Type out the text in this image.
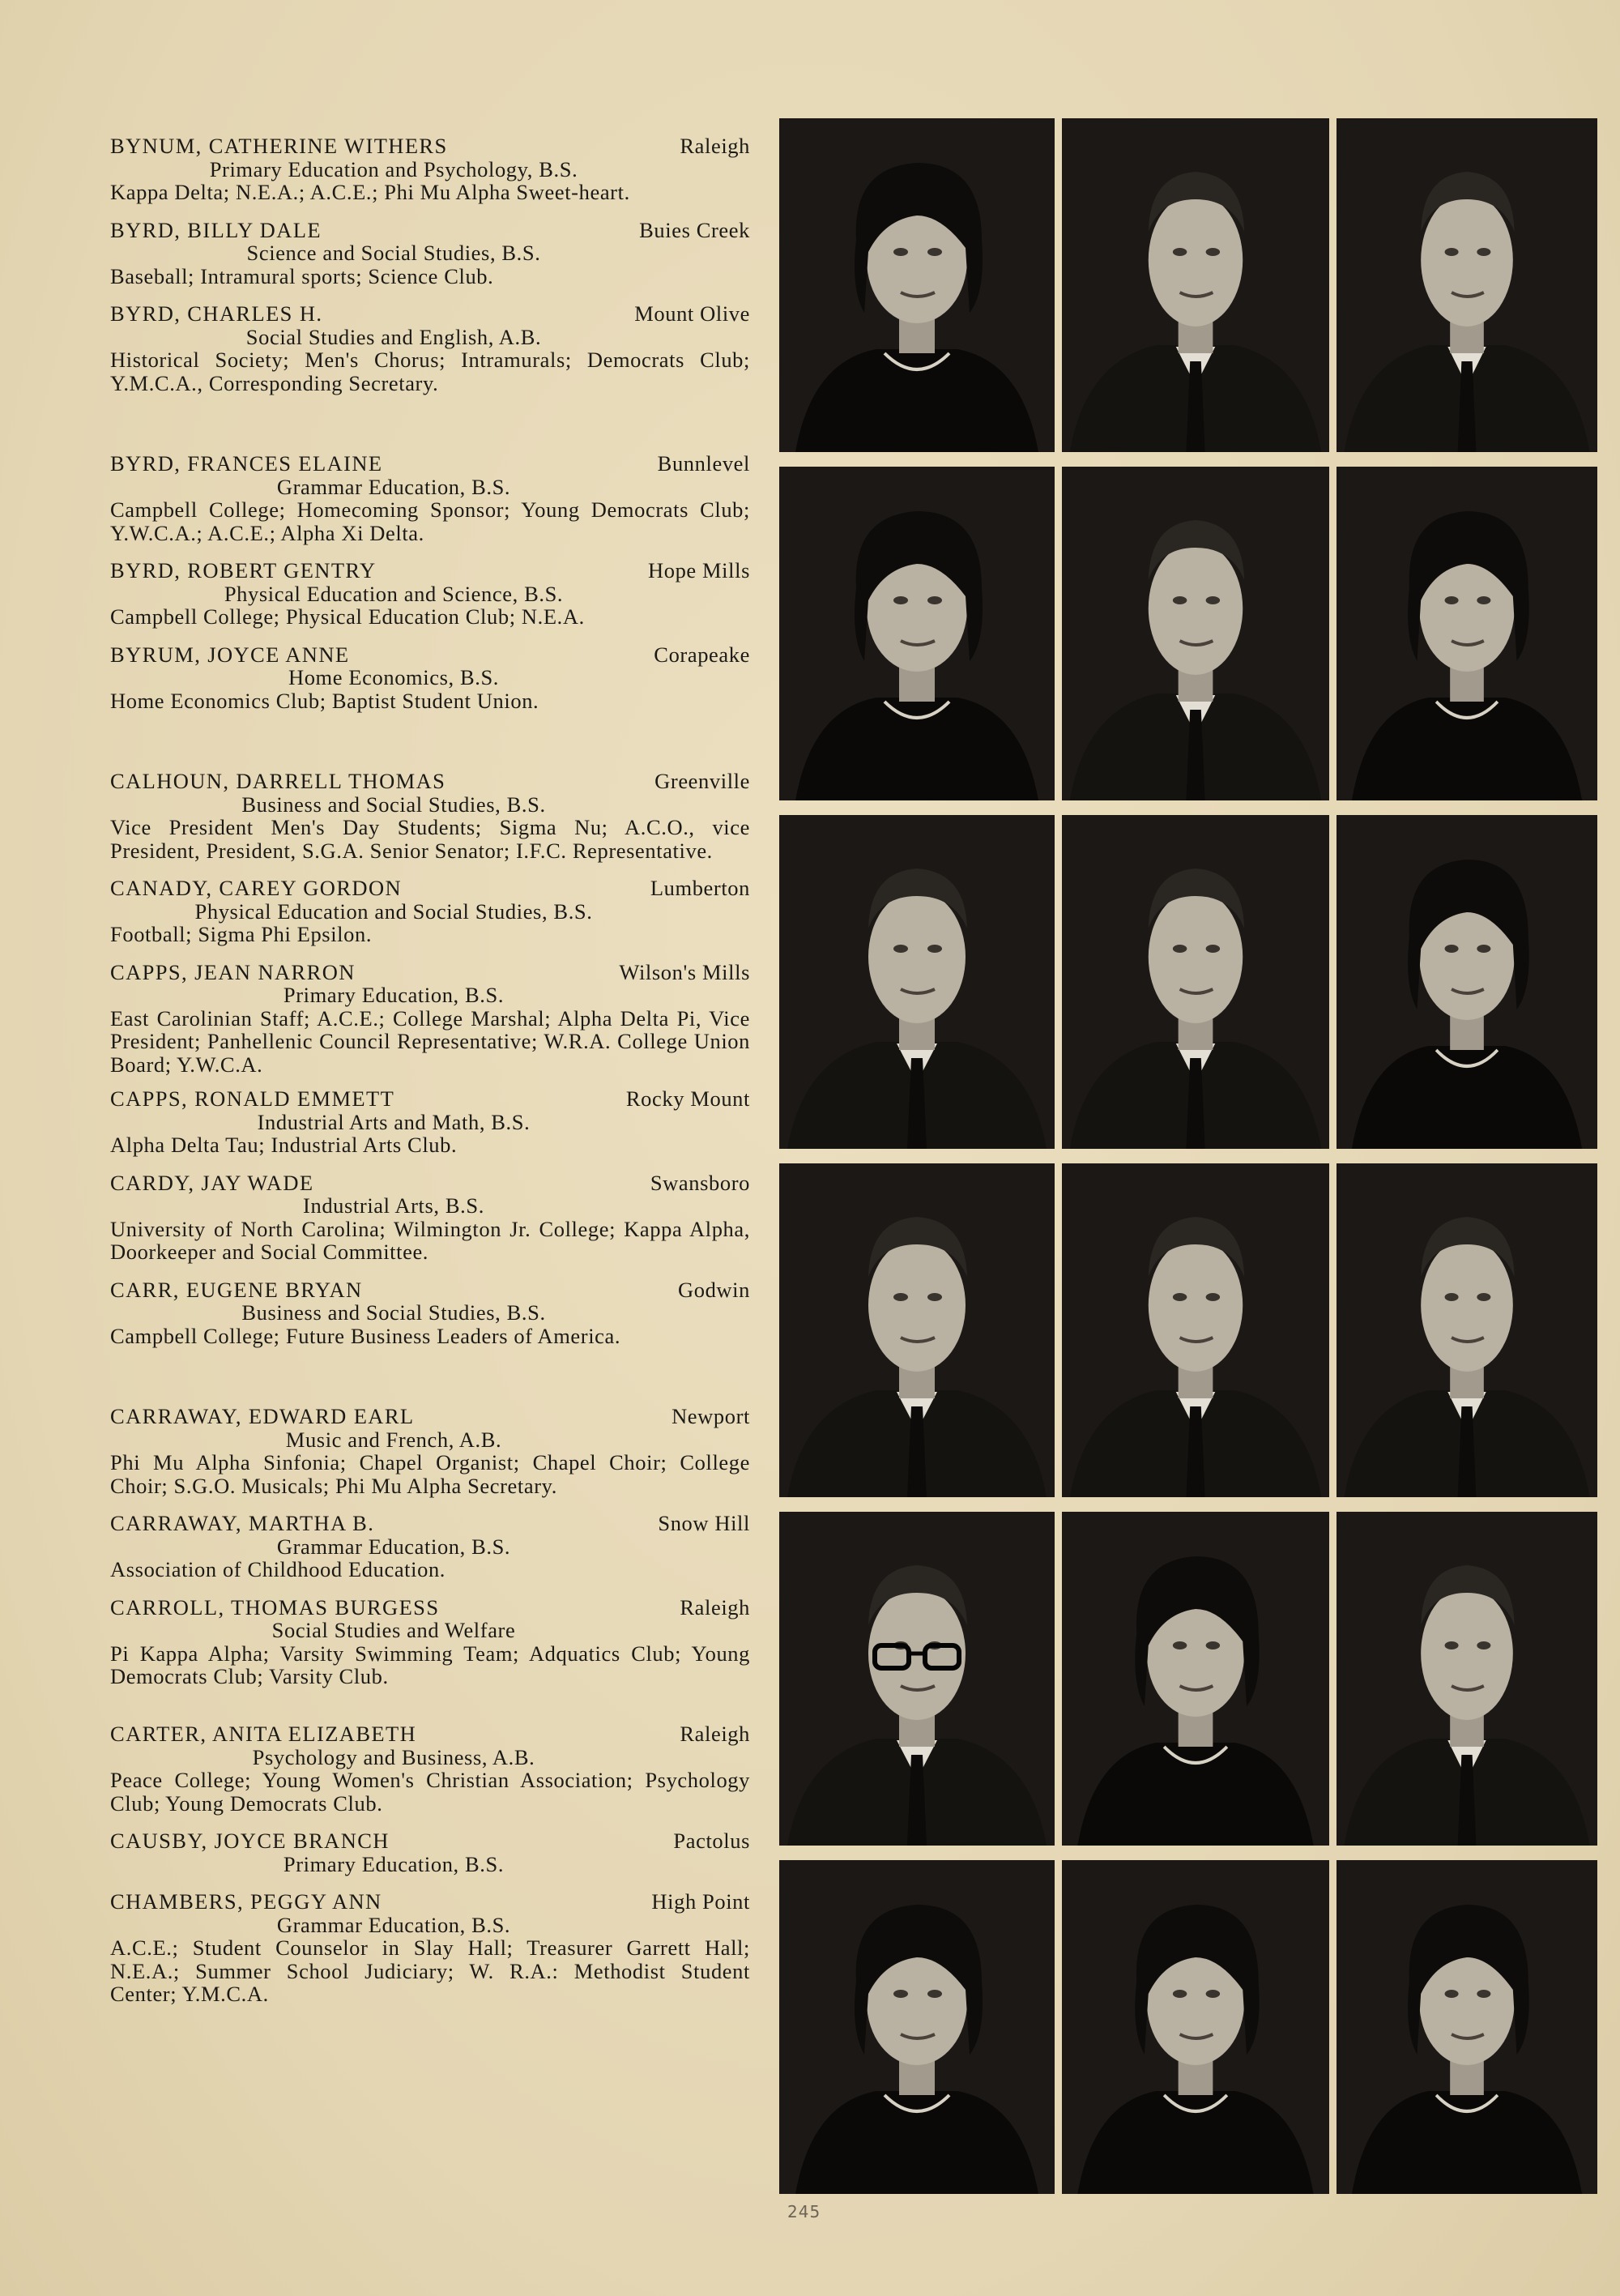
BYNUM, CATHERINE WITHERS	Raleigh
Primary Education and Psychology, B.S.
Kappa Delta; N.E.A.; A.C.E.; Phi Mu Alpha Sweet-heart.
BYRD, BILLY DALE	Buies Creek
Science and Social Studies, B.S.
Baseball; Intramural sports; Science Club.
BYRD, CHARLES H.	Mount Olive
Social Studies and English, A.B.
Historical Society; Men's Chorus; Intramurals; Democrats Club; Y.M.C.A., Corresponding Secretary.
BYRD, FRANCES ELAINE	Bunnlevel
Grammar Education, B.S.
Campbell College; Homecoming Sponsor; Young Democrats Club; Y.W.C.A.; A.C.E.; Alpha Xi Delta.
BYRD, ROBERT GENTRY	Hope Mills
Physical Education and Science, B.S.
Campbell College; Physical Education Club; N.E.A.
BYRUM, JOYCE ANNE	Corapeake
Home Economics, B.S.
Home Economics Club; Baptist Student Union.
CALHOUN, DARRELL THOMAS	Greenville
Business and Social Studies, B.S.
Vice President Men's Day Students; Sigma Nu; A.C.O., vice President, President, S.G.A. Senior Senator; I.F.C. Representative.
CANADY, CAREY GORDON	Lumberton
Physical Education and Social Studies, B.S.
Football; Sigma Phi Epsilon.
CAPPS, JEAN NARRON	Wilson's Mills
Primary Education, B.S.
East Carolinian Staff; A.C.E.; College Marshal; Alpha Delta Pi, Vice President; Panhellenic Council Representative; W.R.A. College Union Board; Y.W.C.A.
CAPPS, RONALD EMMETT	Rocky Mount
Industrial Arts and Math, B.S.
Alpha Delta Tau; Industrial Arts Club.
CARDY, JAY WADE	Swansboro
Industrial Arts, B.S.
University of North Carolina; Wilmington Jr. College; Kappa Alpha, Doorkeeper and Social Committee.
CARR, EUGENE BRYAN	Godwin
Business and Social Studies, B.S.
Campbell College; Future Business Leaders of America.
CARRAWAY, EDWARD EARL	Newport
Music and French, A.B.
Phi Mu Alpha Sinfonia; Chapel Organist; Chapel Choir; College Choir; S.G.O. Musicals; Phi Mu Alpha Secretary.
CARRAWAY, MARTHA B.	Snow Hill
Grammar Education, B.S.
Association of Childhood Education.
CARROLL, THOMAS BURGESS	Raleigh
Social Studies and Welfare
Pi Kappa Alpha; Varsity Swimming Team; Adquatics Club; Young Democrats Club; Varsity Club.
CARTER, ANITA ELIZABETH	Raleigh
Psychology and Business, A.B.
Peace College; Young Women's Christian Association; Psychology Club; Young Democrats Club.
CAUSBY, JOYCE BRANCH	Pactolus
Primary Education, B.S.
CHAMBERS, PEGGY ANN	High Point
Grammar Education, B.S.
A.C.E.; Student Counselor in Slay Hall; Treasurer Garrett Hall; N.E.A.; Summer School Judiciary; W. R.A.: Methodist Student Center; Y.M.C.A.
245
